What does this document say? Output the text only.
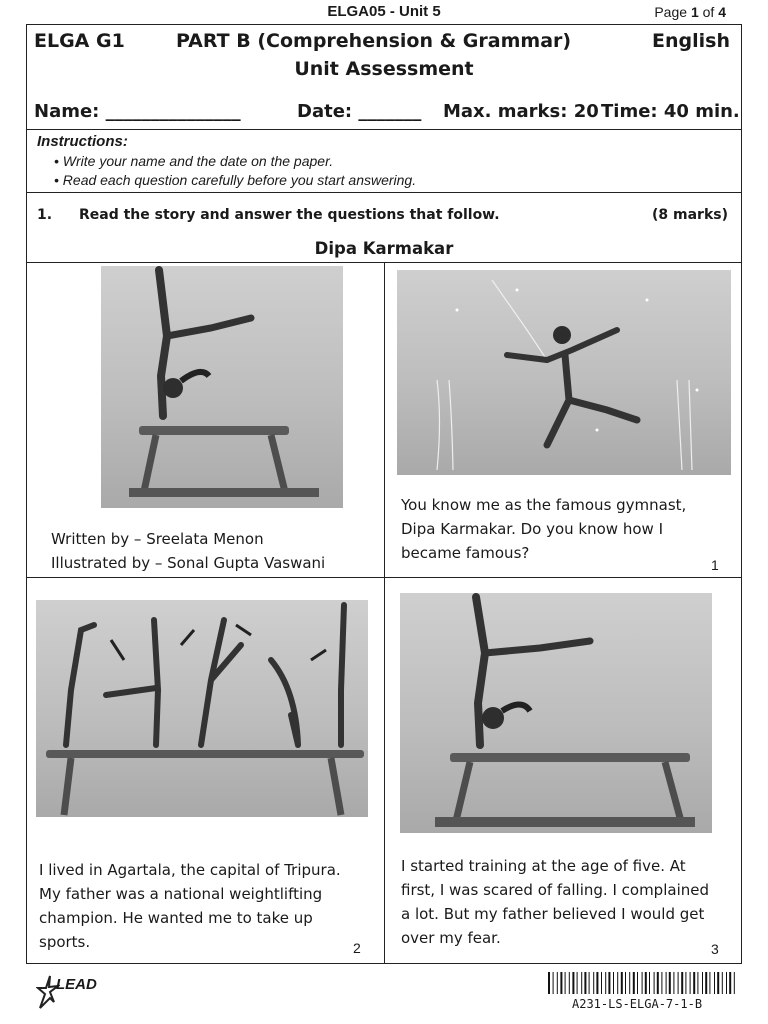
ELGA05 - Unit 5	Page 1 of 4
ELGA G1	PART B (Comprehension & Grammar)	English
Unit Assessment
Name: _______________	Date: _______ Max. marks: 20 Time: 40 min.
Instructions:
• Write your name and the date on the paper.
• Read each question carefully before you start answering.
1. Read the story and answer the questions that follow.	(8 marks)
Dipa Karmakar
Written by – Sreelata Menon
Illustrated by – Sonal Gupta Vaswani
You know me as the famous gymnast,
Dipa Karmakar. Do you know how I
became famous?
1
I lived in Agartala, the capital of Tripura.
My father was a national weightlifting
champion. He wanted me to take up
sports.	2
I started training at the age of five. At
first, I was scared of falling. I complained
a lot. But my father believed I would get
over my fear.
3
LEAD
A231-LS-ELGA-7-1-B
